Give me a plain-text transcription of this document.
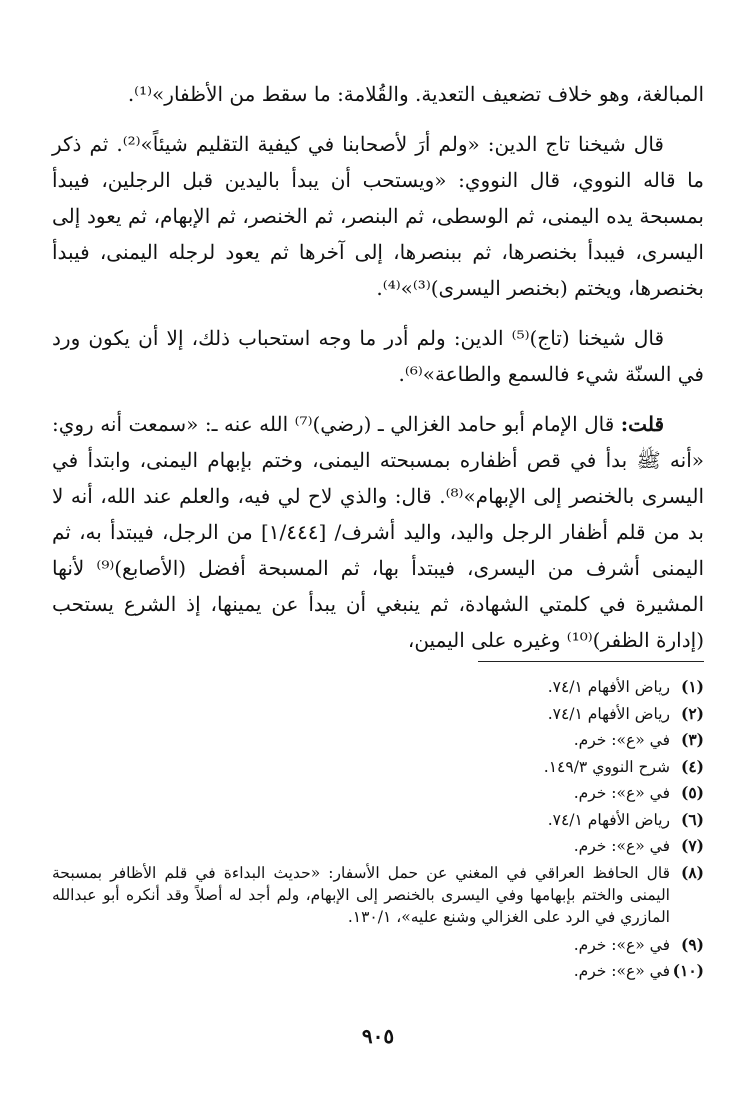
المبالغة، وهو خلاف تضعيف التعدية. والقُلامة: ما سقط من الأظفار»⁽¹⁾.

قال شيخنا تاج الدين: «ولم أرَ لأصحابنا في كيفية التقليم شيئاً»⁽²⁾. ثم ذكر ما قاله النووي، قال النووي: «ويستحب أن يبدأ باليدين قبل الرجلين، فيبدأ بمسبحة يده اليمنى، ثم الوسطى، ثم البنصر، ثم الخنصر، ثم الإبهام، ثم يعود إلى اليسرى، فيبدأ بخنصرها، ثم ببنصرها، إلى آخرها ثم يعود لرجله اليمنى، فيبدأ بخنصرها، ويختم (بخنصر اليسرى)⁽³⁾»⁽⁴⁾.

قال شيخنا (تاج)⁽⁵⁾ الدين: ولم أدر ما وجه استحباب ذلك، إلا أن يكون ورد في السنّة شيء فالسمع والطاعة»⁽⁶⁾.

قلت: قال الإمام أبو حامد الغزالي ـ (رضي)⁽⁷⁾ الله عنه ـ: «سمعت أنه روي: «أنه ﷺ بدأ في قص أظفاره بمسبحته اليمنى، وختم بإبهام اليمنى، وابتدأ في اليسرى بالخنصر إلى الإبهام»⁽⁸⁾. قال: والذي لاح لي فيه، والعلم عند الله، أنه لا بد من قلم أظفار الرجل واليد، واليد أشرف/ [١/٤٤٤] من الرجل، فيبتدأ به، ثم اليمنى أشرف من اليسرى، فيبتدأ بها، ثم المسبحة أفضل (الأصابع)⁽⁹⁾ لأنها المشيرة في كلمتي الشهادة، ثم ينبغي أن يبدأ عن يمينها، إذ الشرع يستحب (إدارة الظفر)⁽¹⁰⁾ وغيره على اليمين،

(١)
رياض الأفهام ٧٤/١.
(٢)
رياض الأفهام ٧٤/١.
(٣)
في «ع»: خرم.
(٤)
شرح النووي ١٤٩/٣.
(٥)
في «ع»: خرم.
(٦)
رياض الأفهام ٧٤/١.
(٧)
في «ع»: خرم.
(٨)
قال الحافظ العراقي في المغني عن حمل الأسفار: «حديث البداءة في قلم الأظافر بمسبحة اليمنى والختم بإبهامها وفي اليسرى بالخنصر إلى الإبهام، ولم أجد له أصلاً وقد أنكره أبو عبدالله المازري في الرد على الغزالي وشنع عليه»، ١٣٠/١.
(٩)
في «ع»: خرم.
(١٠)
في «ع»: خرم.
٩٠٥
